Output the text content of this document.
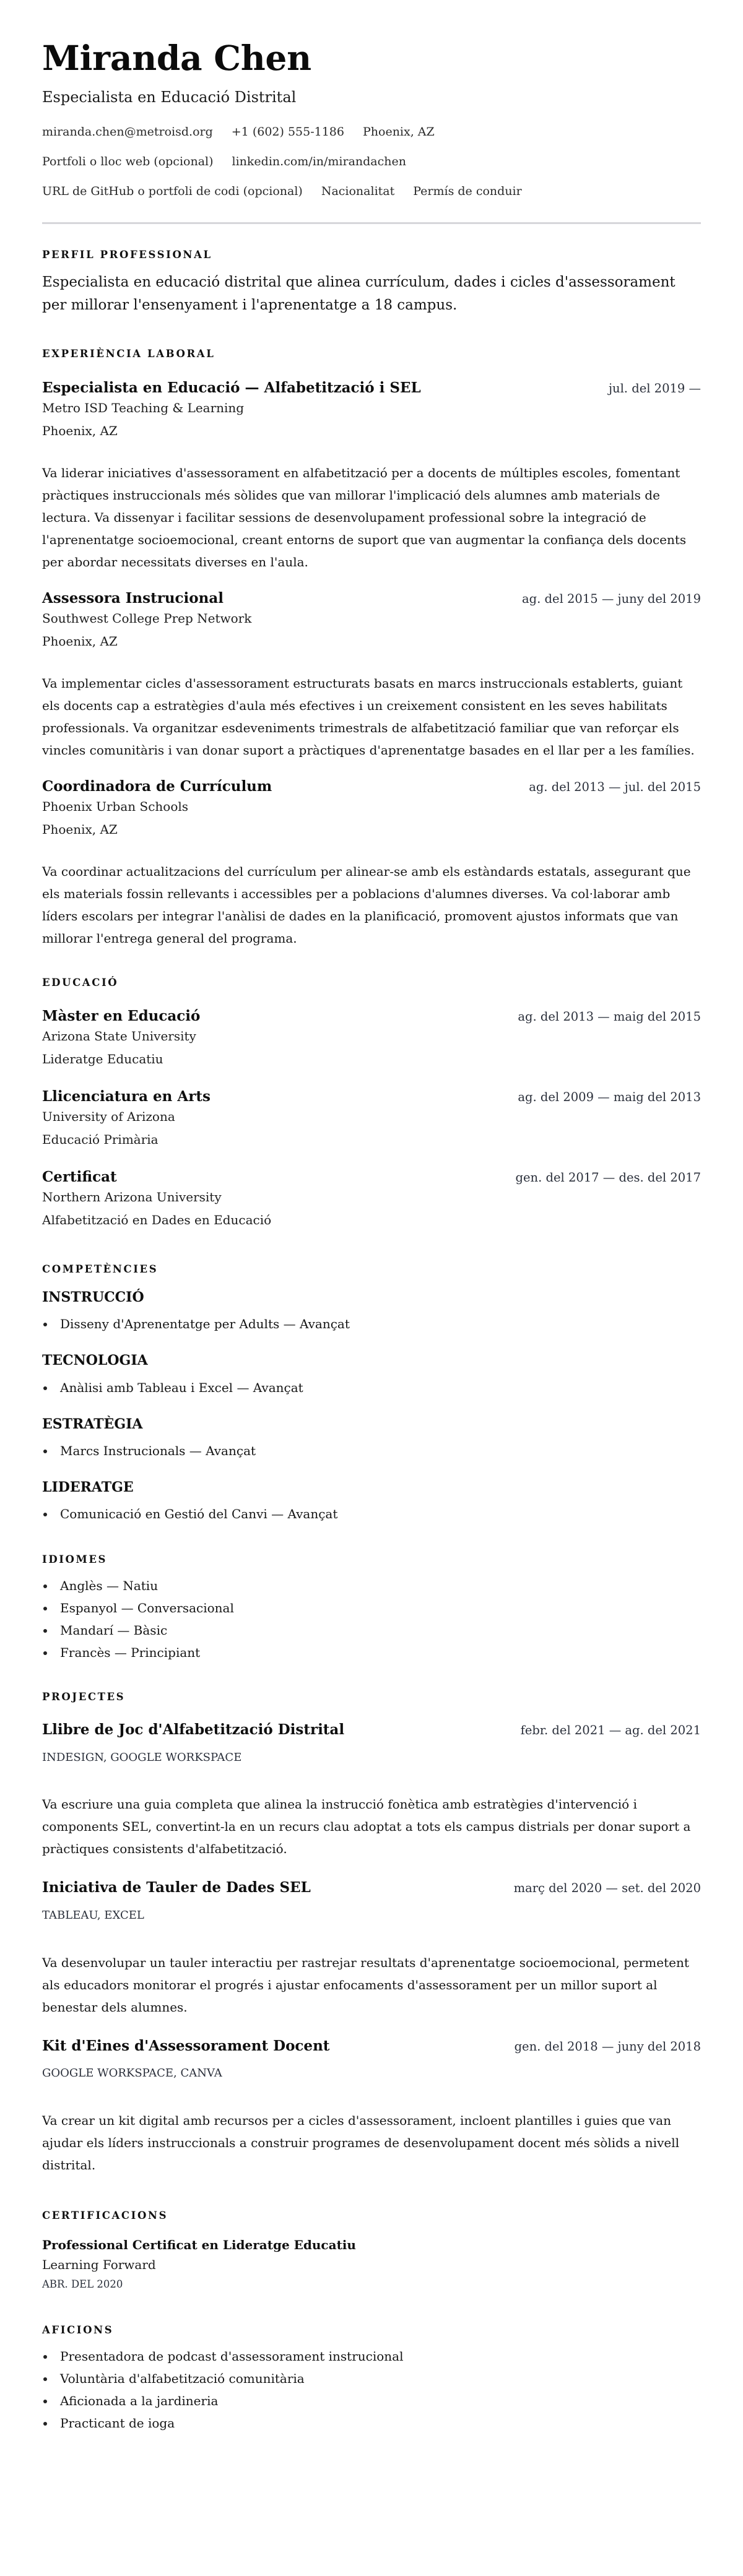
Miranda Chen
Especialista en Educació Distrital
miranda.chen@metroisd.org +1 (602) 555-1186 Phoenix, AZ
Portfoli o lloc web (opcional) linkedin.com/in/mirandachen
URL de GitHub o portfoli de codi (opcional) Nacionalitat Permís de conduir
PERFIL PROFESSIONAL

Especialista en educació distrital que alinea currículum, dades i cicles d'assessorament per millorar l'ensenyament i l'aprenentatge a 18 campus.

EXPERIÈNCIA LABORAL
Especialista en Educació — Alfabetització i SEL	jul. del 2019 —
Metro ISD Teaching & Learning
Phoenix, AZ

Va liderar iniciatives d'assessorament en alfabetització per a docents de múltiples escoles, fomentant pràctiques instruccionals més sòlides que van millorar l'implicació dels alumnes amb materials de lectura. Va dissenyar i facilitar sessions de desenvolupament professional sobre la integració de l'aprenentatge socioemocional, creant entorns de suport que van augmentar la confiança dels docents per abordar necessitats diverses en l'aula.

Assessora Instrucional	ag. del 2015 — juny del 2019
Southwest College Prep Network
Phoenix, AZ

Va implementar cicles d'assessorament estructurats basats en marcs instruccionals establerts, guiant els docents cap a estratègies d'aula més efectives i un creixement consistent en les seves habilitats professionals. Va organitzar esdeveniments trimestrals de alfabetització familiar que van reforçar els vincles comunitàris i van donar suport a pràctiques d'aprenentatge basades en el llar per a les famílies.

Coordinadora de Currículum	ag. del 2013 — jul. del 2015
Phoenix Urban Schools
Phoenix, AZ

Va coordinar actualitzacions del currículum per alinear-se amb els estàndards estatals, assegurant que els materials fossin rellevants i accessibles per a poblacions d'alumnes diverses. Va col·laborar amb líders escolars per integrar l'anàlisi de dades en la planificació, promovent ajustos informats que van millorar l'entrega general del programa.

EDUCACIÓ
Màster en Educació	ag. del 2013 — maig del 2015
Arizona State University
Lideratge Educatiu
Llicenciatura en Arts	ag. del 2009 — maig del 2013
University of Arizona
Educació Primària
Certificat	gen. del 2017 — des. del 2017
Northern Arizona University
Alfabetització en Dades en Educació
COMPETÈNCIES
INSTRUCCIÓ
Disseny d'Aprenentatge per Adults — Avançat
TECNOLOGIA
Anàlisi amb Tableau i Excel — Avançat
ESTRATÈGIA
Marcs Instrucionals — Avançat
LIDERATGE
Comunicació en Gestió del Canvi — Avançat
IDIOMES
Anglès — Natiu
Espanyol — Conversacional
Mandarí — Bàsic
Francès — Principiant
PROJECTES
Llibre de Joc d'Alfabetització Distrital	febr. del 2021 — ag. del 2021
INDESIGN, GOOGLE WORKSPACE

Va escriure una guia completa que alinea la instrucció fonètica amb estratègies d'intervenció i components SEL, convertint-la en un recurs clau adoptat a tots els campus distrials per donar suport a pràctiques consistents d'alfabetització.

Iniciativa de Tauler de Dades SEL	març del 2020 — set. del 2020
TABLEAU, EXCEL

Va desenvolupar un tauler interactiu per rastrejar resultats d'aprenentatge socioemocional, permetent als educadors monitorar el progrés i ajustar enfocaments d'assessorament per un millor suport al benestar dels alumnes.

Kit d'Eines d'Assessorament Docent	gen. del 2018 — juny del 2018
GOOGLE WORKSPACE, CANVA

Va crear un kit digital amb recursos per a cicles d'assessorament, incloent plantilles i guies que van ajudar els líders instruccionals a construir programes de desenvolupament docent més sòlids a nivell distrital.

CERTIFICACIONS
Professional Certificat en Lideratge Educatiu
Learning Forward
ABR. DEL 2020
AFICIONS
Presentadora de podcast d'assessorament instrucional
Voluntària d'alfabetització comunitària
Aficionada a la jardineria
Practicant de ioga
